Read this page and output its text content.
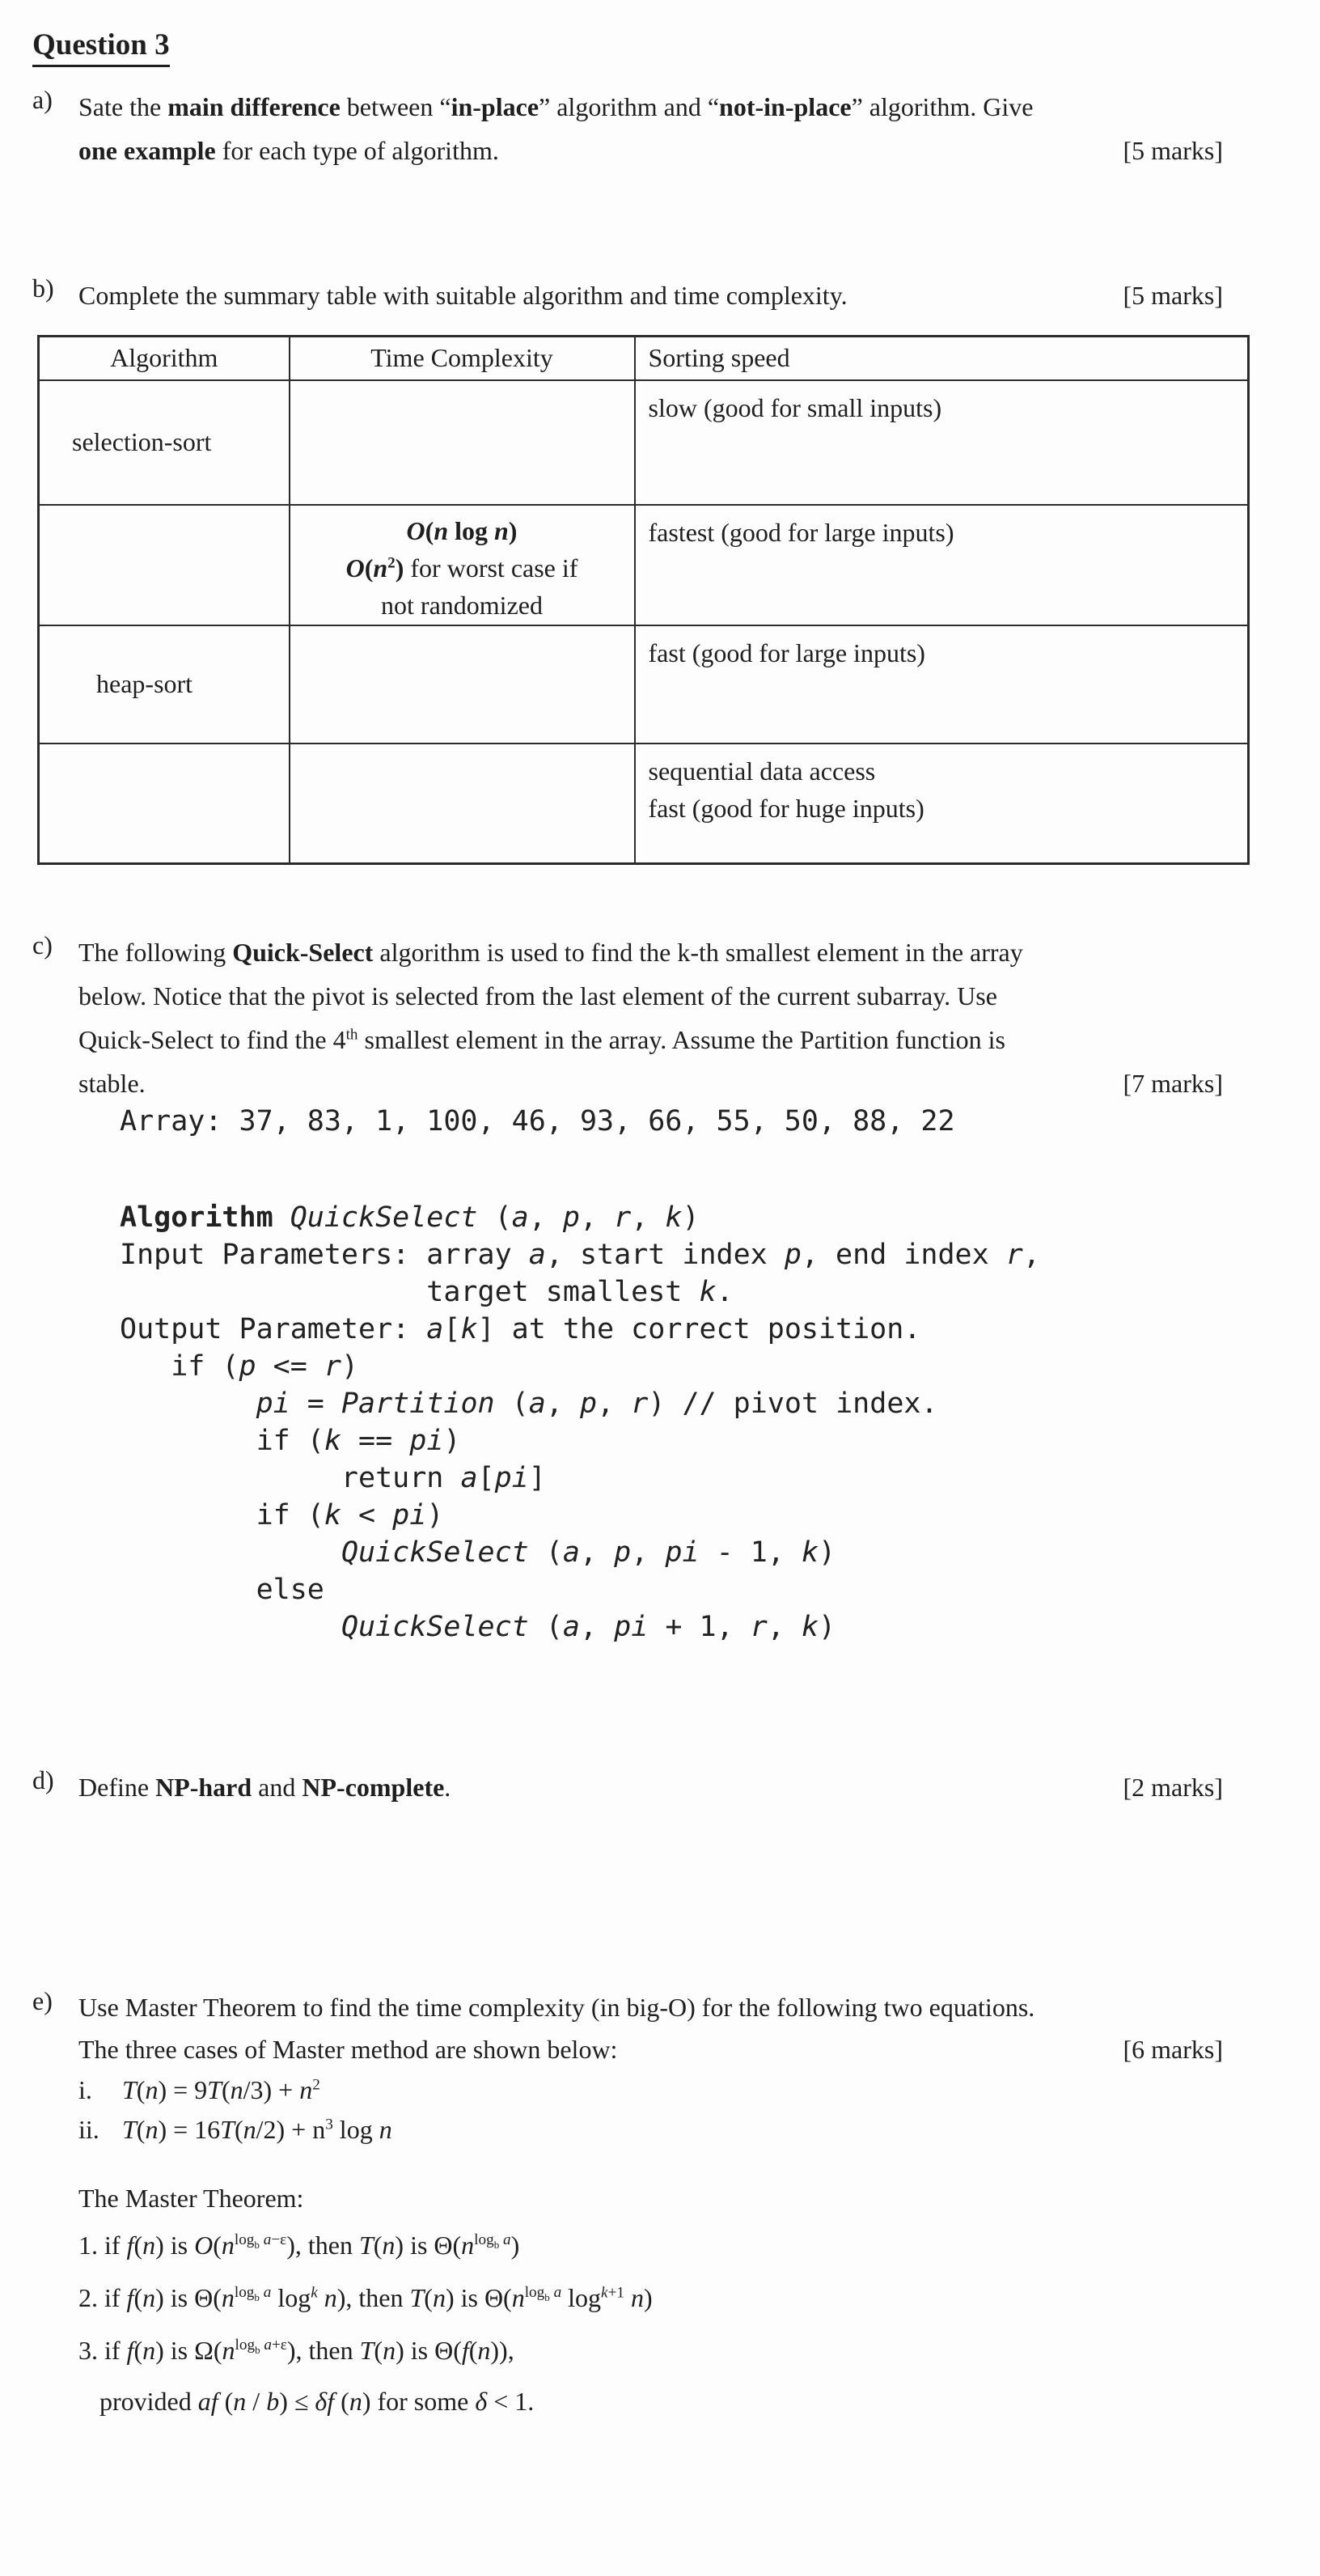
Question 3
a) Sate the main difference between “in-place” algorithm and “not-in-place” algorithm. Give
one example for each type of algorithm.	[5 marks]
b) Complete the summary table with suitable algorithm and time complexity.	[5 marks]
Algorithm	Time Complexity	Sorting speed
selection-sort		slow (good for small inputs)

	O(n log n)
$O(n^2)$ for worst case if
not randomized	fastest (good for large inputs)

heap-sort		fast (good for large inputs)

		sequential data access
fast (good for huge inputs)
c) The following Quick-Select algorithm is used to find the k-th smallest element in the array
below. Notice that the pivot is selected from the last element of the current subarray. Use
Quick-Select to find the 4th smallest element in the array. Assume the Partition function is
stable.	[7 marks]
Array: 37, 83, 1, 100, 46, 93, 66, 55, 50, 88, 22
Algorithm QuickSelect (a, p, r, k)
Input Parameters: array a, start index p, end index r,
target smallest k.
Output Parameter: a[k] at the correct position.
if (p <= r)
pi = Partition (a, p, r) // pivot index.
if (k == pi)
return a[pi]
if (k < pi)
QuickSelect (a, p, pi - 1, k)
else
QuickSelect (a, pi + 1, r, k)
d) Define NP-hard and NP-complete.	[2 marks]
e) Use Master Theorem to find the time complexity (in big-O) for the following two equations.
The three cases of Master method are shown below:	[6 marks]
i. $T(n) = 9T(n/3) + n^2$
ii. $T(n) = 16T(n/2) + n^3$ log n
The Master Theorem:
1. if f(n) is $O(n^{log_b a-\varepsilon})$, then T(n) is $\Theta(n^{log_b a})$
2. if f(n) is $\Theta(n^{log_b a}$ $\log^k n$), then T(n) is $\Theta(n^{log_b a}$ $\log^{k+1} n$)
3. if f(n) is $\Omega(n^{log_b a+\varepsilon})$, then T(n) is Θ(f(n)),
provided af (n / b) ≤ δf (n) for some δ < 1.
